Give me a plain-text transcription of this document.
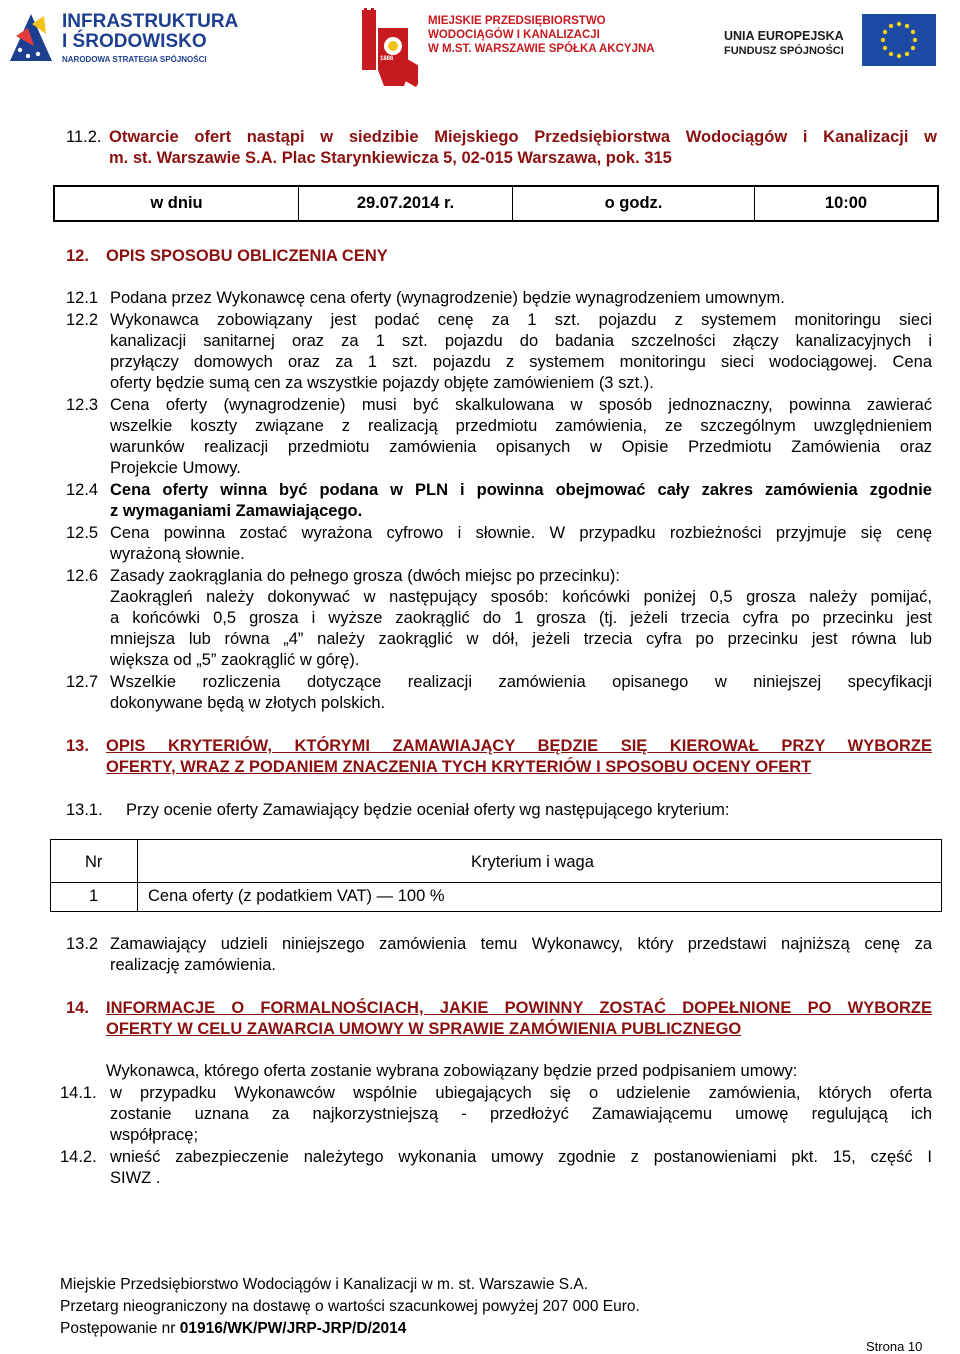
INFRASTRUKTURA
I ŚRODOWISKO
NARODOWA STRATEGIA SPÓJNOŚCI	1886
MIEJSKIE PRZEDSIĘBIORSTWO
WODOCIĄGÓW I KANALIZACJI
W M.ST. WARSZAWIE SPÓŁKA AKCYJNA
UNIA EUROPEJSKA
FUNDUSZ SPÓJNOŚCI
11.2. Otwarcie ofert nastąpi w siedzibie Miejskiego Przedsiębiorstwa Wodociągów i Kanalizacji w
m. st. Warszawie S.A. Plac Starynkiewicza 5, 02-015 Warszawa, pok. 315
w dniu	29.07.2014 r.	o godz.	10:00
12. OPIS SPOSOBU OBLICZENIA CENY
12.1 Podana przez Wykonawcę cena oferty (wynagrodzenie) będzie wynagrodzeniem umownym.
12.2 Wykonawca zobowiązany jest podać cenę za 1 szt. pojazdu z systemem monitoringu sieci
kanalizacji sanitarnej oraz za 1 szt. pojazdu do badania szczelności złączy kanalizacyjnych i
przyłączy domowych oraz za 1 szt. pojazdu z systemem monitoringu sieci wodociągowej. Cena
oferty będzie sumą cen za wszystkie pojazdy objęte zamówieniem (3 szt.).
12.3 Cena oferty (wynagrodzenie) musi być skalkulowana w sposób jednoznaczny, powinna zawierać
wszelkie koszty związane z realizacją przedmiotu zamówienia, ze szczególnym uwzględnieniem
warunków realizacji przedmiotu zamówienia opisanych w Opisie Przedmiotu Zamówienia oraz
Projekcie Umowy.
12.4 Cena oferty winna być podana w PLN i powinna obejmować cały zakres zamówienia zgodnie
z wymaganiami Zamawiającego.
12.5 Cena powinna zostać wyrażona cyfrowo i słownie. W przypadku rozbieżności przyjmuje się cenę
wyrażoną słownie.
12.6 Zasady zaokrąglania do pełnego grosza (dwóch miejsc po przecinku):
Zaokrągleń należy dokonywać w następujący sposób: końcówki poniżej 0,5 grosza należy pomijać,
a końcówki 0,5 grosza i wyższe zaokrąglić do 1 grosza (tj. jeżeli trzecia cyfra po przecinku jest
mniejsza lub równa „4” należy zaokrąglić w dół, jeżeli trzecia cyfra po przecinku jest równa lub
większa od „5” zaokrąglić w górę).
12.7 Wszelkie rozliczenia dotyczące realizacji zamówienia opisanego w niniejszej specyfikacji
dokonywane będą w złotych polskich.
13. OPIS KRYTERIÓW, KTÓRYMI ZAMAWIAJĄCY BĘDZIE SIĘ KIEROWAŁ PRZY WYBORZE
OFERTY, WRAZ Z PODANIEM ZNACZENIA TYCH KRYTERIÓW I SPOSOBU OCENY OFERT
13.1. Przy ocenie oferty Zamawiający będzie oceniał oferty wg następującego kryterium:
Nr	Kryterium i waga
1	Cena oferty (z podatkiem VAT) — 100 %
13.2 Zamawiający udzieli niniejszego zamówienia temu Wykonawcy, który przedstawi najniższą cenę za
realizację zamówienia.
14. INFORMACJE O FORMALNOŚCIACH, JAKIE POWINNY ZOSTAĆ DOPEŁNIONE PO WYBORZE
OFERTY W CELU ZAWARCIA UMOWY W SPRAWIE ZAMÓWIENIA PUBLICZNEGO
Wykonawca, którego oferta zostanie wybrana zobowiązany będzie przed podpisaniem umowy:
14.1. w przypadku Wykonawców wspólnie ubiegających się o udzielenie zamówienia, których oferta
zostanie uznana za najkorzystniejszą - przedłożyć Zamawiającemu umowę regulującą ich
współpracę;
14.2. wnieść zabezpieczenie należytego wykonania umowy zgodnie z postanowieniami pkt. 15, część I
SIWZ .
Miejskie Przedsiębiorstwo Wodociągów i Kanalizacji w m. st. Warszawie S.A.
Przetarg nieograniczony na dostawę o wartości szacunkowej powyżej 207 000 Euro.
Postępowanie nr 01916/WK/PW/JRP-JRP/D/2014
Strona 10
